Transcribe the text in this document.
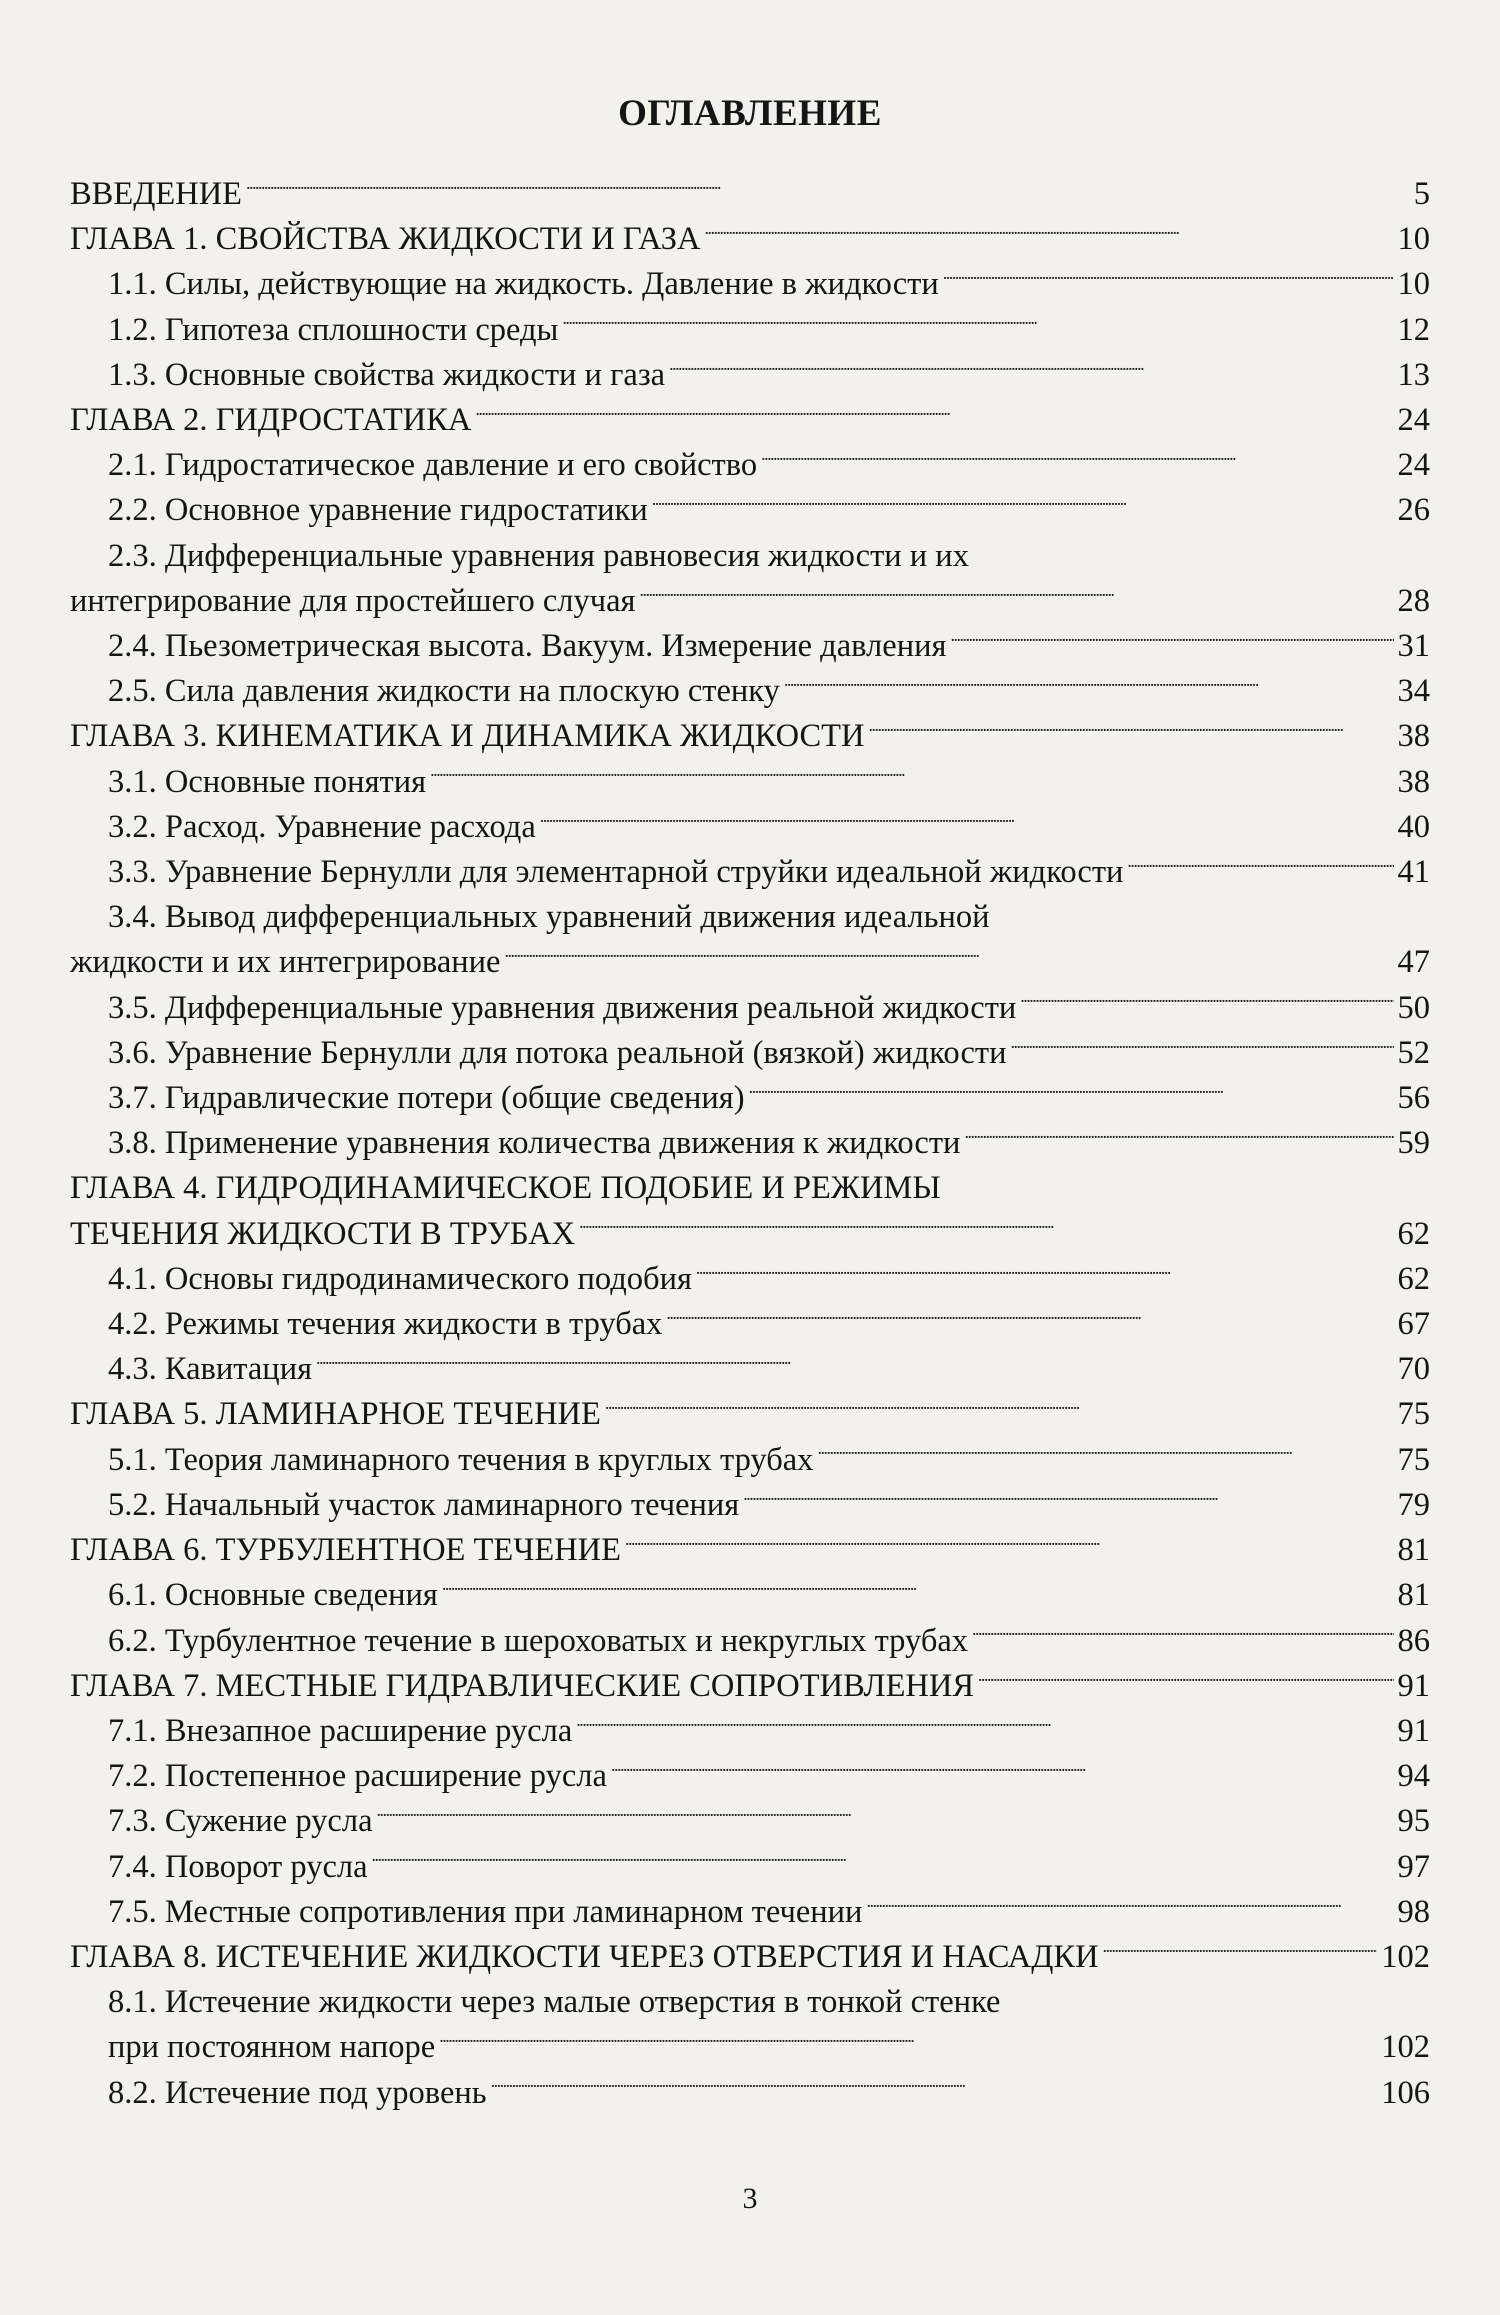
ОГЛАВЛЕНИЕ
ВВЕДЕНИЕ . . .	5
ГЛАВА 1. СВОЙСТВА ЖИДКОСТИ И ГАЗА . . .	10
1.1. Силы, действующие на жидкость. Давление в жидкости . . .	10
1.2. Гипотеза сплошности среды . . .	12
1.3. Основные свойства жидкости и газа . . .	13
ГЛАВА 2. ГИДРОСТАТИКА . . .	24
2.1. Гидростатическое давление и его свойство . . .	24
2.2. Основное уравнение гидростатики . . .	26
2.3. Дифференциальные уравнения равновесия жидкости и их
интегрирование для простейшего случая . . .	28
2.4. Пьезометрическая высота. Вакуум. Измерение давления . . .	31
2.5. Сила давления жидкости на плоскую стенку . . .	34
ГЛАВА 3. КИНЕМАТИКА И ДИНАМИКА ЖИДКОСТИ . . .	38
3.1. Основные понятия . . .	38
3.2. Расход. Уравнение расхода . . .	40
3.3. Уравнение Бернулли для элементарной струйки идеальной жидкости . . .	41
3.4. Вывод дифференциальных уравнений движения идеальной
жидкости и их интегрирование . . .	47
3.5. Дифференциальные уравнения движения реальной жидкости . . .	50
3.6. Уравнение Бернулли для потока реальной (вязкой) жидкости . . .	52
3.7. Гидравлические потери (общие сведения) . . .	56
3.8. Применение уравнения количества движения к жидкости . . .	59
ГЛАВА 4. ГИДРОДИНАМИЧЕСКОЕ ПОДОБИЕ И РЕЖИМЫ
ТЕЧЕНИЯ ЖИДКОСТИ В ТРУБАХ . . .	62
4.1. Основы гидродинамического подобия . . .	62
4.2. Режимы течения жидкости в трубах . . .	67
4.3. Кавитация . . .	70
ГЛАВА 5. ЛАМИНАРНОЕ ТЕЧЕНИЕ . . .	75
5.1. Теория ламинарного течения в круглых трубах . . .	75
5.2. Начальный участок ламинарного течения . . .	79
ГЛАВА 6. ТУРБУЛЕНТНОЕ ТЕЧЕНИЕ . . .	81
6.1. Основные сведения . . .	81
6.2. Турбулентное течение в шероховатых и некруглых трубах . . .	86
ГЛАВА 7. МЕСТНЫЕ ГИДРАВЛИЧЕСКИЕ СОПРОТИВЛЕНИЯ . . .	91
7.1. Внезапное расширение русла . . .	91
7.2. Постепенное расширение русла . . .	94
7.3. Сужение русла . . .	95
7.4. Поворот русла . . .	97
7.5. Местные сопротивления при ламинарном течении . . .	98
ГЛАВА 8. ИСТЕЧЕНИЕ ЖИДКОСТИ ЧЕРЕЗ ОТВЕРСТИЯ И НАСАДКИ . . .	102
8.1. Истечение жидкости через малые отверстия в тонкой стенке
при постоянном напоре . . .	102
8.2. Истечение под уровень . . .	106
3
